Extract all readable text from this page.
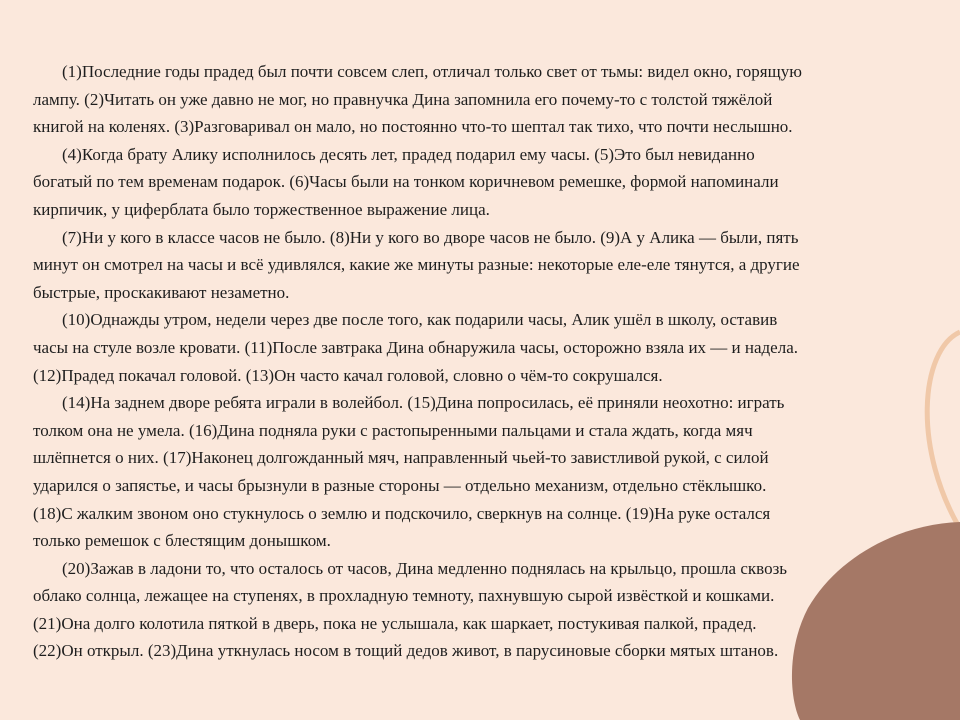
(1)Последние годы прадед был почти совсем слеп, отличал только свет от тьмы: видел окно, горящую
лампу. (2)Читать он уже давно не мог, но правнучка Дина запомнила его почему-то с толстой тяжёлой
книгой на коленях. (3)Разговаривал он мало, но постоянно что-то шептал так тихо, что почти неслышно.
(4)Когда брату Алику исполнилось десять лет, прадед подарил ему часы. (5)Это был невиданно
богатый по тем временам подарок. (6)Часы были на тонком коричневом ремешке, формой напоминали
кирпичик, у циферблата было торжественное выражение лица.
(7)Ни у кого в классе часов не было. (8)Ни у кого во дворе часов не было. (9)А у Алика — были, пять
минут он смотрел на часы и всё удивлялся, какие же минуты разные: некоторые еле-еле тянутся, а другие
быстрые, проскакивают незаметно.
(10)Однажды утром, недели через две после того, как подарили часы, Алик ушёл в школу, оставив
часы на стуле возле кровати. (11)После завтрака Дина обнаружила часы, осторожно взяла их — и надела.
(12)Прадед покачал головой. (13)Он часто качал головой, словно о чём-то сокрушался.
(14)На заднем дворе ребята играли в волейбол. (15)Дина попросилась, её приняли неохотно: играть
толком она не умела. (16)Дина подняла руки с растопыренными пальцами и стала ждать, когда мяч
шлёпнется о них. (17)Наконец долгожданный мяч, направленный чьей-то завистливой рукой, с силой
ударился о запястье, и часы брызнули в разные стороны — отдельно механизм, отдельно стёклышко.
(18)С жалким звоном оно стукнулось о землю и подскочило, сверкнув на солнце. (19)На руке остался
только ремешок с блестящим донышком.
(20)Зажав в ладони то, что осталось от часов, Дина медленно поднялась на крыльцо, прошла сквозь
облако солнца, лежащее на ступенях, в прохладную темноту, пахнувшую сырой извёсткой и кошками.
(21)Она долго колотила пяткой в дверь, пока не услышала, как шаркает, постукивая палкой, прадед.
(22)Он открыл. (23)Дина уткнулась носом в тощий дедов живот, в парусиновые сборки мятых штанов.
